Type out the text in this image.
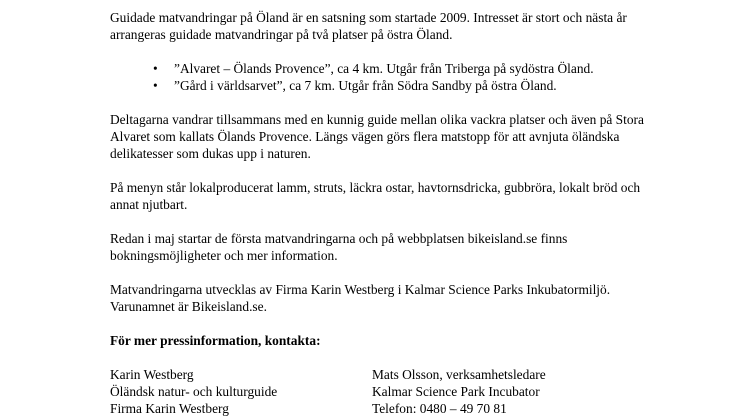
Guidade matvandringar på Öland är en satsning som startade 2009. Intresset är stort och nästa år arrangeras guidade matvandringar på två platser på östra Öland.

• ”Alvaret – Ölands Provence”, ca 4 km. Utgår från Triberga på sydöstra Öland.
• ”Gård i världsarvet”, ca 7 km. Utgår från Södra Sandby på östra Öland.

Deltagarna vandrar tillsammans med en kunnig guide mellan olika vackra platser och även på Stora Alvaret som kallats Ölands Provence. Längs vägen görs flera matstopp för att avnjuta öländska delikatesser som dukas upp i naturen.

På menyn står lokalproducerat lamm, struts, läckra ostar, havtornsdricka, gubbröra, lokalt bröd och annat njutbart.

Redan i maj startar de första matvandringarna och på webbplatsen bikeisland.se finns bokningsmöjligheter och mer information.

Matvandringarna utvecklas av Firma Karin Westberg i Kalmar Science Parks Inkubatormiljö. Varunamnet är Bikeisland.se.

För mer pressinformation, kontakta:

Karin Westberg

Öländsk natur- och kulturguide

Firma Karin Westberg

Mats Olsson, verksamhetsledare

Kalmar Science Park Incubator

Telefon: 0480 – 49 70 81
